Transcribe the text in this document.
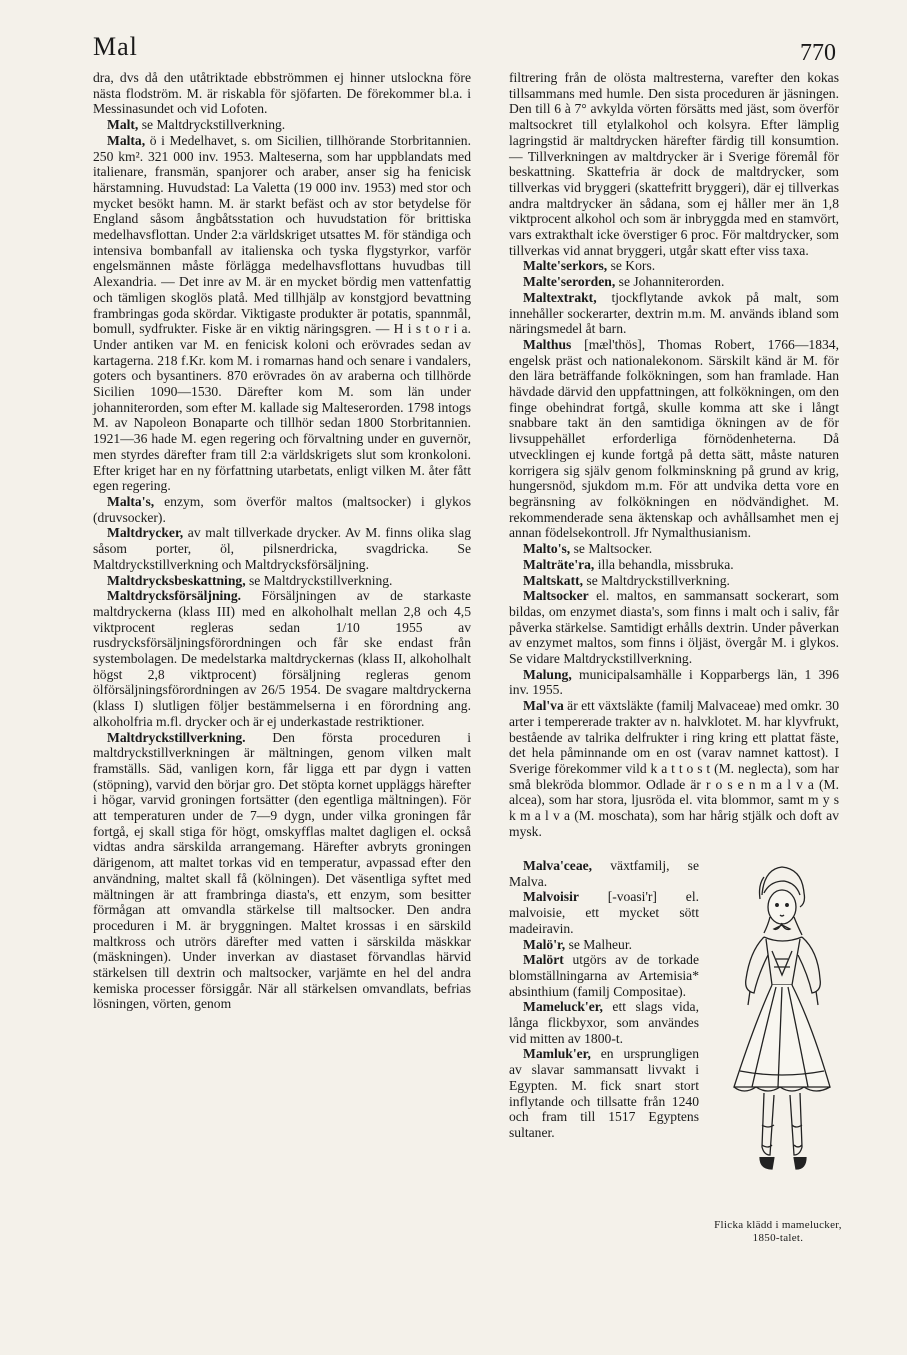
Mal	770

dra, dvs då den utåtriktade ebbströmmen ej hinner utslockna före nästa flodström. M. är riskabla för sjöfarten. De förekommer bl.a. i Messinasundet och vid Lofoten.

Malt, se Maltdryckstillverkning.

Malta, ö i Medelhavet, s. om Sicilien, tillhörande Storbritannien. 250 km². 321 000 inv. 1953. Malteserna, som har uppblandats med italienare, fransmän, spanjorer och araber, anser sig ha fenicisk härstamning. Huvudstad: La Valetta (19 000 inv. 1953) med stor och mycket besökt hamn. M. är starkt befäst och av stor betydelse för England såsom ångbåtsstation och huvudstation för brittiska medelhavsflottan. Under 2:a världskriget utsattes M. för ständiga och intensiva bombanfall av italienska och tyska flygstyrkor, varför engelsmännen måste förlägga medelhavsflottans huvudbas till Alexandria. — Det inre av M. är en mycket bördig men vattenfattig och tämligen skoglös platå. Med tillhjälp av konstgjord bevattning frambringas goda skördar. Viktigaste produkter är potatis, spannmål, bomull, sydfrukter. Fiske är en viktig näringsgren. — H i s t o r i a. Under antiken var M. en fenicisk koloni och erövrades sedan av kartagerna. 218 f.Kr. kom M. i romarnas hand och senare i vandalers, goters och bysantiners. 870 erövrades ön av araberna och tillhörde Sicilien 1090—1530. Därefter kom M. som län under johanniterorden, som efter M. kallade sig Malteserorden. 1798 intogs M. av Napoleon Bonaparte och tillhör sedan 1800 Storbritannien. 1921—36 hade M. egen regering och förvaltning under en guvernör, men styrdes därefter fram till 2:a världskrigets slut som kronkoloni. Efter kriget har en ny författning utarbetats, enligt vilken M. åter fått egen regering.

Malta's, enzym, som överför maltos (maltsocker) i glykos (druvsocker).

Maltdrycker, av malt tillverkade drycker. Av M. finns olika slag såsom porter, öl, pilsnerdricka, svagdricka. Se Maltdryckstillverkning och Maltdrycksförsäljning.

Maltdrycksbeskattning, se Maltdryckstillverkning.

Maltdrycksförsäljning. Försäljningen av de starkaste maltdryckerna (klass III) med en alkoholhalt mellan 2,8 och 4,5 viktprocent regleras sedan 1/10 1955 av rusdrycksförsäljningsförordningen och får ske endast från systembolagen. De medelstarka maltdryckernas (klass II, alkoholhalt högst 2,8 viktprocent) försäljning regleras genom ölförsäljningsförordningen av 26/5 1954. De svagare maltdryckerna (klass I) slutligen följer bestämmelserna i en förordning ang. alkoholfria m.fl. drycker och är ej underkastade restriktioner.

Maltdryckstillverkning. Den första proceduren i maltdryckstillverkningen är mältningen, genom vilken malt framställs. Säd, vanligen korn, får ligga ett par dygn i vatten (stöpning), varvid den börjar gro. Det stöpta kornet uppläggs härefter i högar, varvid groningen fortsätter (den egentliga mältningen). För att temperaturen under de 7—9 dygn, under vilka groningen får fortgå, ej skall stiga för högt, omskyfflas maltet dagligen el. också vidtas andra särskilda arrangemang. Härefter avbryts groningen därigenom, att maltet torkas vid en temperatur, avpassad efter den användning, maltet skall få (kölningen). Det väsentliga syftet med mältningen är att frambringa diasta's, ett enzym, som besitter förmågan att omvandla stärkelse till maltsocker. Den andra proceduren i M. är bryggningen. Maltet krossas i en särskild maltkross och utrörs därefter med vatten i särskilda mäskkar (mäskningen). Under inverkan av diastaset förvandlas härvid stärkelsen till dextrin och maltsocker, varjämte en hel del andra kemiska processer försiggår. När all stärkelsen omvandlats, befrias lösningen, vörten, genom

filtrering från de olösta maltresterna, varefter den kokas tillsammans med humle. Den sista proceduren är jäsningen. Den till 6 à 7° avkylda vörten försätts med jäst, som överför maltsockret till etylalkohol och kolsyra. Efter lämplig lagringstid är maltdrycken härefter färdig till konsumtion. — Tillverkningen av maltdrycker är i Sverige föremål för beskattning. Skattefria är dock de maltdrycker, som tillverkas vid bryggeri (skattefritt bryggeri), där ej tillverkas andra maltdrycker än sådana, som ej håller mer än 1,8 viktprocent alkohol och som är inbryggda med en stamvört, vars extrakthalt icke överstiger 6 proc. För maltdrycker, som tillverkas vid annat bryggeri, utgår skatt efter viss taxa.

Malte'serkors, se Kors.

Malte'serorden, se Johanniterorden.

Maltextrakt, tjockflytande avkok på malt, som innehåller sockerarter, dextrin m.m. M. används ibland som näringsmedel åt barn.

Malthus [mæl'thös], Thomas Robert, 1766—1834, engelsk präst och nationalekonom. Särskilt känd är M. för den lära beträffande folkökningen, som han framlade. Han hävdade därvid den uppfattningen, att folkökningen, om den finge obehindrat fortgå, skulle komma att ske i långt snabbare takt än den samtidiga ökningen av de för livsuppehället erforderliga förnödenheterna. Då utvecklingen ej kunde fortgå på detta sätt, måste naturen korrigera sig själv genom folkminskning på grund av krig, hungersnöd, sjukdom m.m. För att undvika detta vore en begränsning av folkökningen en nödvändighet. M. rekommenderade sena äktenskap och avhållsamhet men ej annan födelsekontroll. Jfr Nymalthusianism.

Malto's, se Maltsocker.

Malträte'ra, illa behandla, missbruka.

Maltskatt, se Maltdryckstillverkning.

Maltsocker el. maltos, en sammansatt sockerart, som bildas, om enzymet diasta's, som finns i malt och i saliv, får påverka stärkelse. Samtidigt erhålls dextrin. Under påverkan av enzymet maltos, som finns i öljäst, övergår M. i glykos. Se vidare Maltdryckstillverkning.

Malung, municipalsamhälle i Kopparbergs län, 1 396 inv. 1955.

Mal'va är ett växtsläkte (familj Malvaceae) med omkr. 30 arter i tempererade trakter av n. halvklotet. M. har klyvfrukt, bestående av talrika delfrukter i ring kring ett plattat fäste, det hela påminnande om en ost (varav namnet kattost). I Sverige förekommer vild k a t t o s t (M. neglecta), som har små blekröda blommor. Odlade är r o s e n m a l v a (M. alcea), som har stora, ljusröda el. vita blommor, samt m y s k m a l v a (M. moschata), som har hårig stjälk och doft av mysk.

Malva'ceae, växtfamilj, se Malva.

Malvoisir [-voasi'r] el. malvoisie, ett mycket sött madeiravin.

Malö'r, se Malheur.

Malört utgörs av de torkade blomställningarna av Artemisia* absinthium (familj Compositae).

Mameluck'er, ett slags vida, långa flickbyxor, som användes vid mitten av 1800-t.

Mamluk'er, en ursprungligen av slavar sammansatt livvakt i Egypten. M. fick snart stort inflytande och tillsatte från 1240 och fram till 1517 Egyptens sultaner.

Flicka klädd i mamelucker, 1850-talet.
